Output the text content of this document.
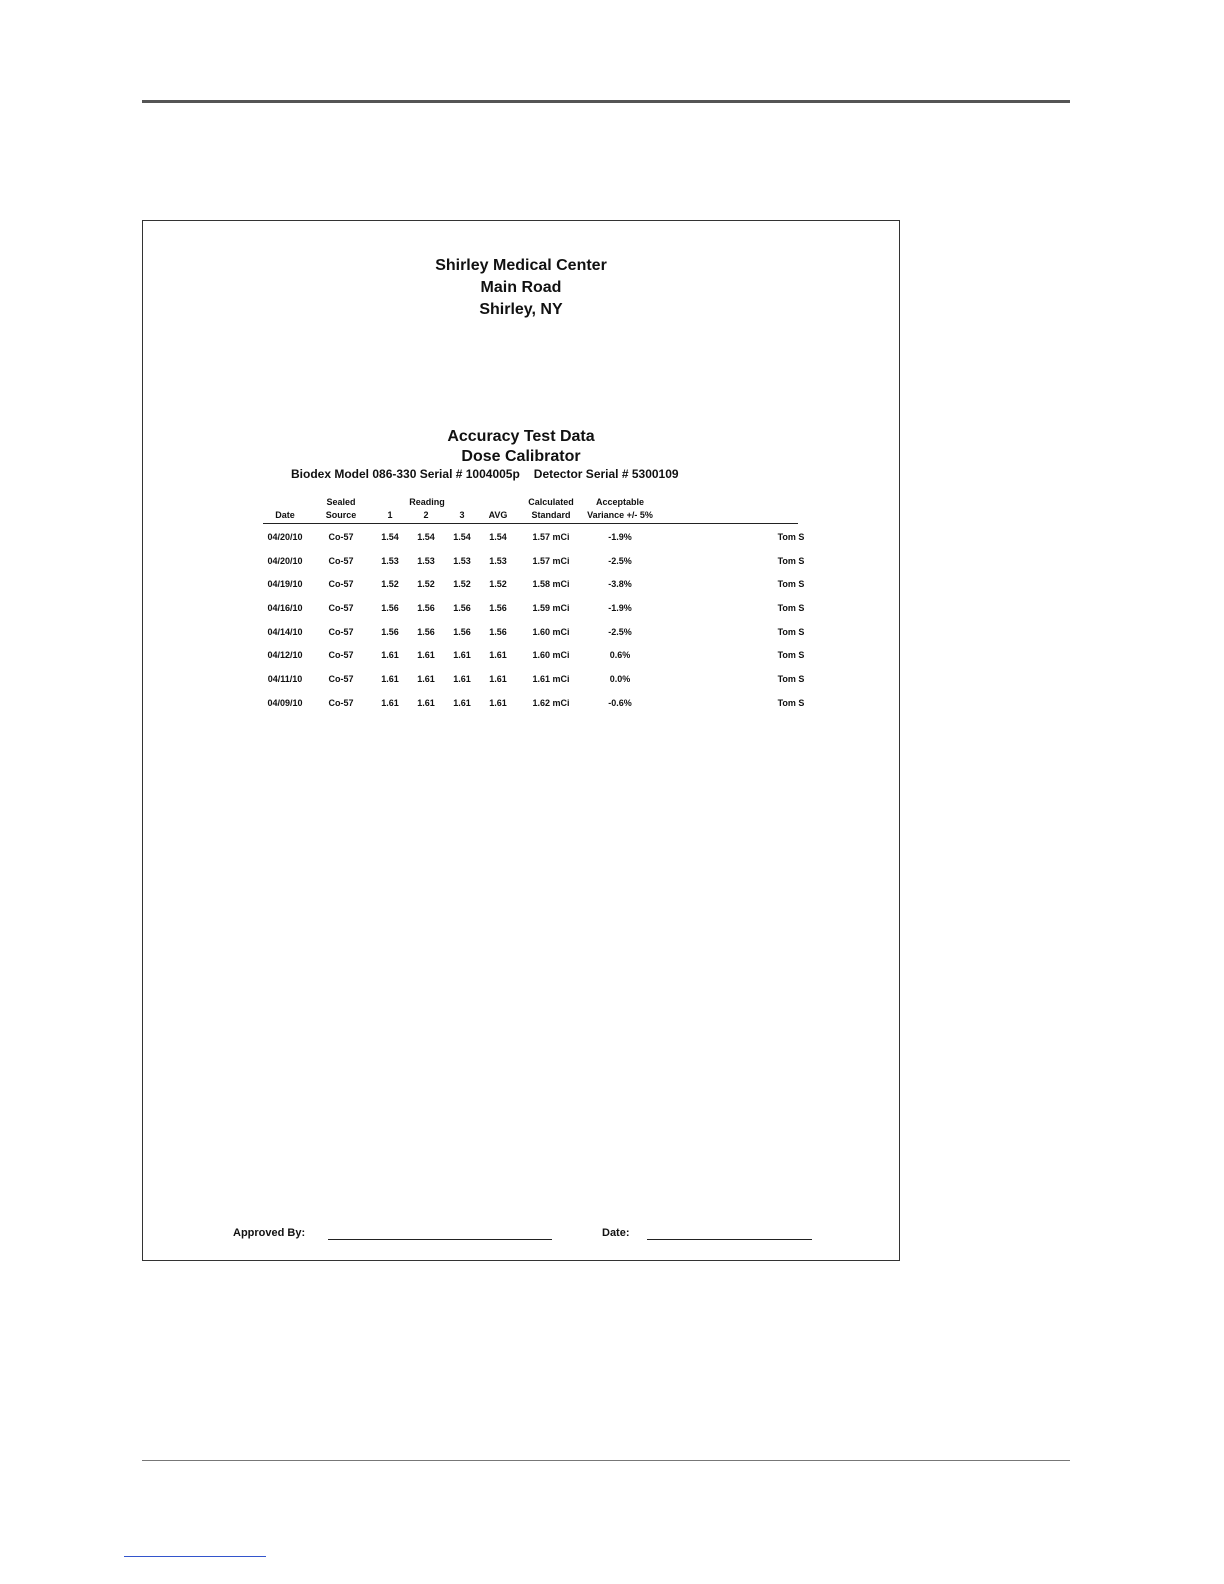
Shirley Medical Center
Main Road
Shirley, NY
Accuracy Test Data
Dose Calibrator
Biodex Model 086-330 Serial # 1004005p Detector Serial # 5300109
Date
Sealed
Source
Reading
1	2	3	AVG
Calculated
Standard
Acceptable
Variance +/- 5%
04/20/10	Co-57	1.54	1.54	1.54	1.54	1.57 mCi	-1.9%	Tom S
04/20/10	Co-57	1.53	1.53	1.53	1.53	1.57 mCi	-2.5%	Tom S
04/19/10	Co-57	1.52	1.52	1.52	1.52	1.58 mCi	-3.8%	Tom S
04/16/10	Co-57	1.56	1.56	1.56	1.56	1.59 mCi	-1.9%	Tom S
04/14/10	Co-57	1.56	1.56	1.56	1.56	1.60 mCi	-2.5%	Tom S
04/12/10	Co-57	1.61	1.61	1.61	1.61	1.60 mCi	0.6%	Tom S
04/11/10	Co-57	1.61	1.61	1.61	1.61	1.61 mCi	0.0%	Tom S
04/09/10	Co-57	1.61	1.61	1.61	1.61	1.62 mCi	-0.6%	Tom S
Approved By:	Date:
